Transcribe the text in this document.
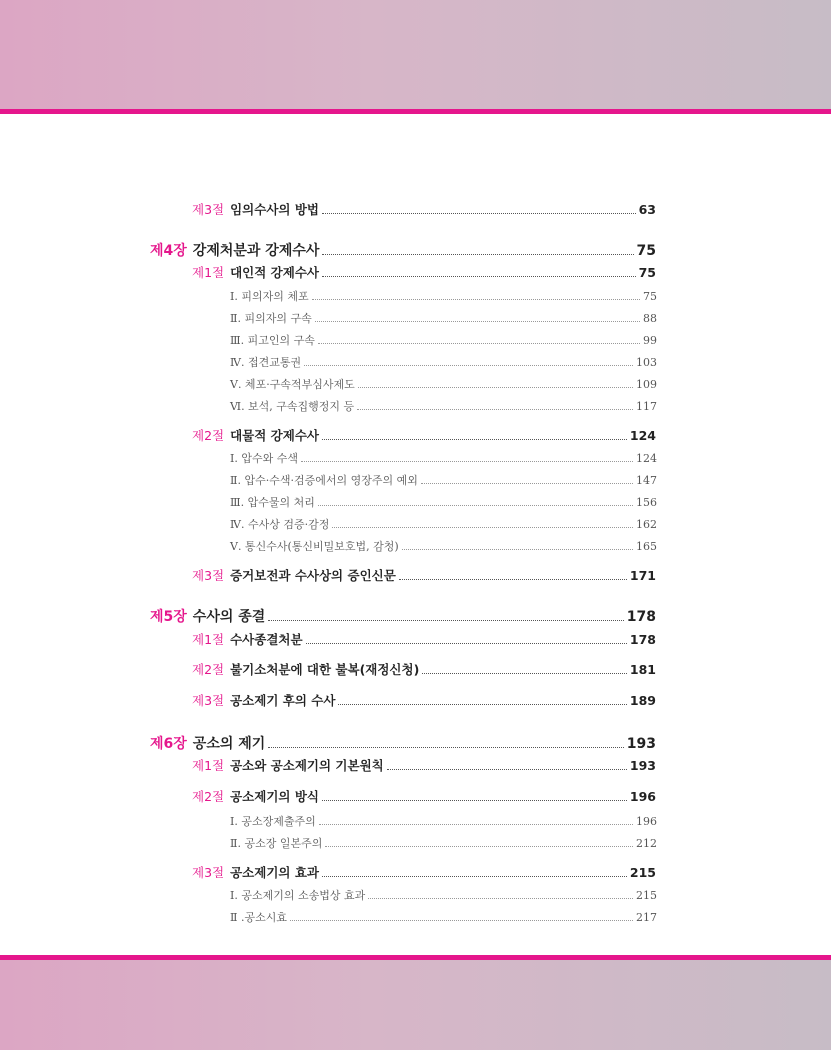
제3절 임의수사의 방법	63
제4장 강제처분과 강제수사	75
제1절 대인적 강제수사	75
Ⅰ. 피의자의 체포	75
Ⅱ. 피의자의 구속	88
Ⅲ. 피고인의 구속	99
Ⅳ. 접견교통권	103
Ⅴ. 체포·구속적부심사제도	109
Ⅵ. 보석, 구속집행정지 등	117
제2절 대물적 강제수사	124
Ⅰ. 압수와 수색	124
Ⅱ. 압수·수색·검증에서의 영장주의 예외	147
Ⅲ. 압수물의 처리	156
Ⅳ. 수사상 검증·감정	162
Ⅴ. 통신수사(통신비밀보호법, 감청)	165
제3절 증거보전과 수사상의 증인신문	171
제5장 수사의 종결	178
제1절 수사종결처분	178
제2절 불기소처분에 대한 불복(재정신청)	181
제3절 공소제기 후의 수사	189
제6장 공소의 제기	193
제1절 공소와 공소제기의 기본원칙	193
제2절 공소제기의 방식	196
Ⅰ. 공소장제출주의	196
Ⅱ. 공소장 일본주의	212
제3절 공소제기의 효과	215
Ⅰ. 공소제기의 소송법상 효과	215
Ⅱ .공소시효	217
